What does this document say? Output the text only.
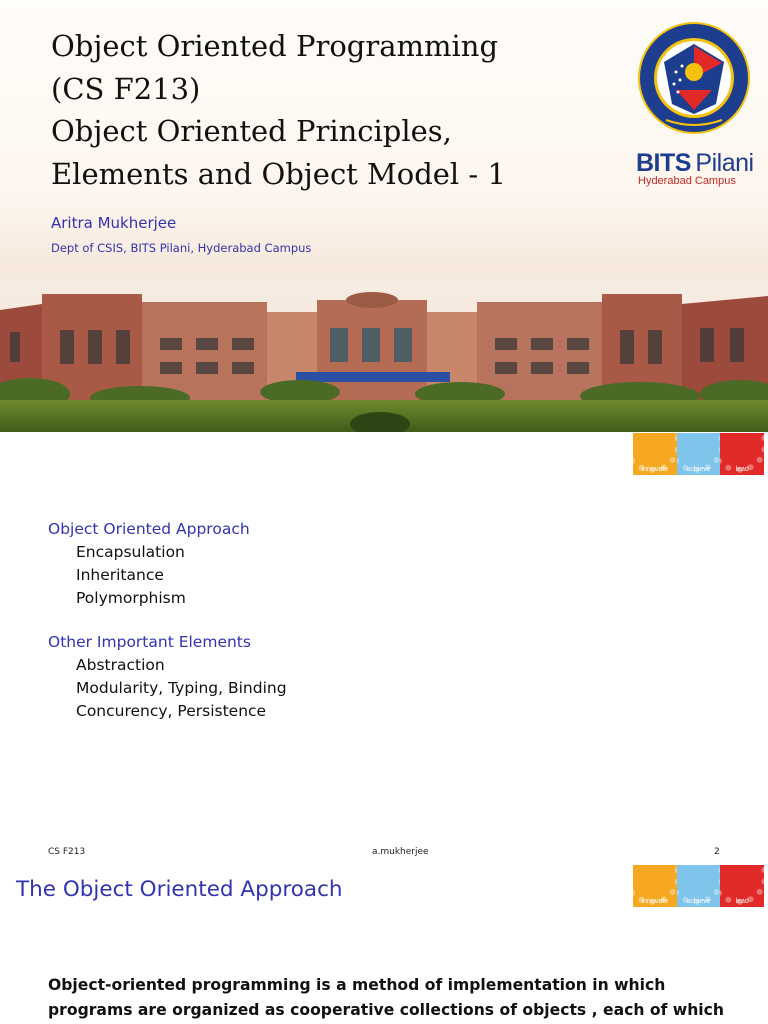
Object Oriented Programming
(CS F213)
Object Oriented Principles,
Elements and Object Model - 1
Aritra Mukherjee
Dept of CSIS, BITS Pilani, Hyderabad Campus
BITS Pilani
Hyderabad Campus
innovate	achieve	lead
Object Oriented Approach
Encapsulation
Inheritance
Polymorphism
Other Important Elements
Abstraction
Modularity, Typing, Binding
Concurency, Persistence
CS F213	a.mukherjee	2
The Object Oriented Approach	innovate	achieve	lead
Object-oriented programming is a method of implementation in which
programs are organized as cooperative collections of objects , each of which
